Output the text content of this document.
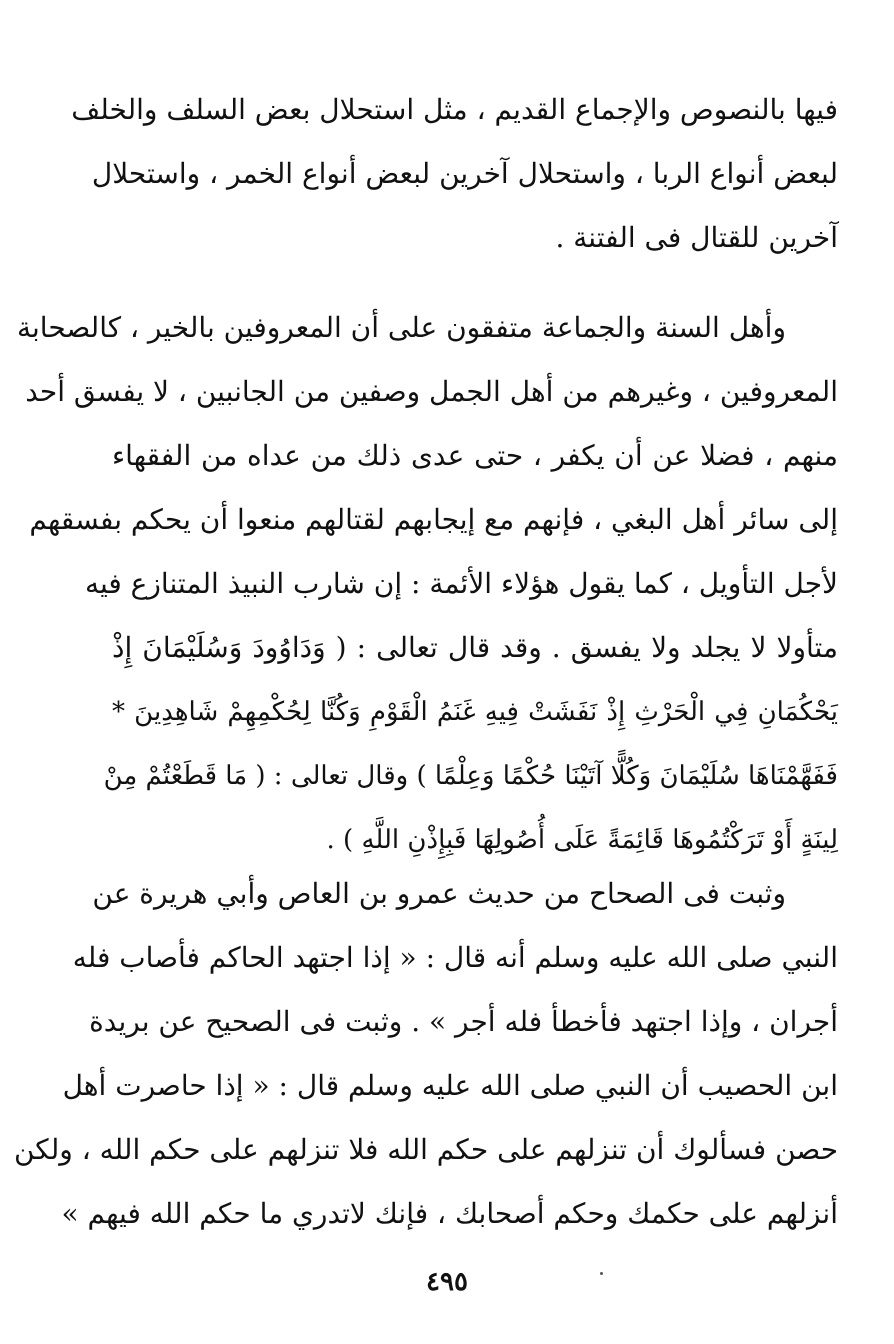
فيها بالنصوص والإجماع القديم ، مثل استحلال بعض السلف والخلف
لبعض أنواع الربا ، واستحلال آخرين لبعض أنواع الخمر ، واستحلال
آخرين للقتال فى الفتنة .
وأهل السنة والجماعة متفقون على أن المعروفين بالخير ، كالصحابة
المعروفين ، وغيرهم من أهل الجمل وصفين من الجانبين ، لا يفسق أحد
منهم ، فضلا عن أن يكفر ، حتى عدى ذلك من عداه من الفقهاء
إلى سائر أهل البغي ، فإنهم مع إيجابهم لقتالهم منعوا أن يحكم بفسقهم
لأجل التأويل ، كما يقول هؤلاء الأئمة : إن شارب النبيذ المتنازع فيه
متأولا لا يجلد ولا يفسق . وقد قال تعالى : ( وَدَاوُودَ وَسُلَيْمَانَ إِذْ
يَحْكُمَانِ فِي الْحَرْثِ إِذْ نَفَشَتْ فِيهِ غَنَمُ الْقَوْمِ وَكُنَّا لِحُكْمِهِمْ شَاهِدِينَ *
فَفَهَّمْنَاهَا سُلَيْمَانَ وَكُلًّا آتَيْنَا حُكْمًا وَعِلْمًا ) وقال تعالى : ( مَا قَطَعْتُمْ مِنْ
لِينَةٍ أَوْ تَرَكْتُمُوهَا قَائِمَةً عَلَى أُصُولِهَا فَبِإِذْنِ اللَّهِ ) .
وثبت فى الصحاح من حديث عمرو بن العاص وأبي هريرة عن
النبي صلى الله عليه وسلم أنه قال : « إذا اجتهد الحاكم فأصاب فله
أجران ، وإذا اجتهد فأخطأ فله أجر » . وثبت فى الصحيح عن بريدة
ابن الحصيب أن النبي صلى الله عليه وسلم قال : « إذا حاصرت أهل
حصن فسألوك أن تنزلهم على حكم الله فلا تنزلهم على حكم الله ، ولكن
أنزلهم على حكمك وحكم أصحابك ، فإنك لاتدري ما حكم الله فيهم »
٤٩٥
